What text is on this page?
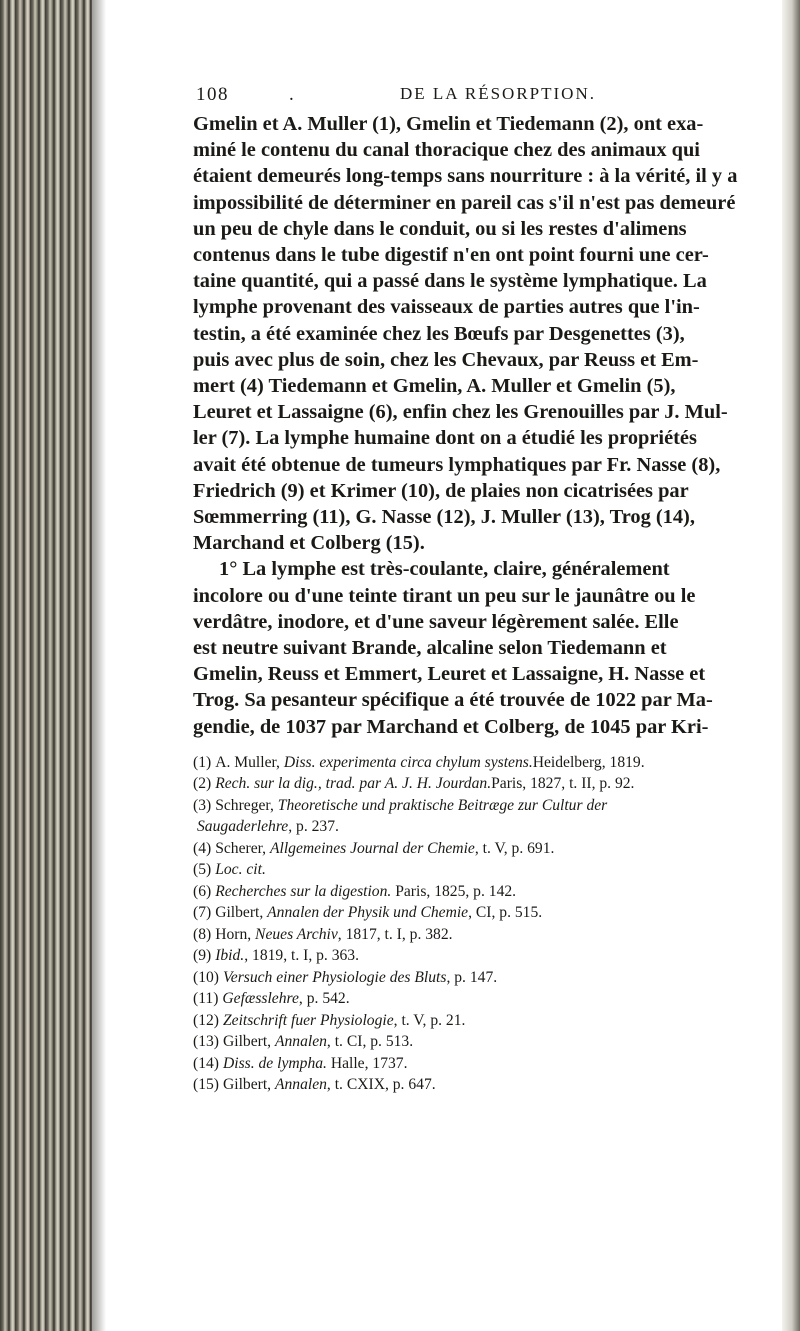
108	.	DE LA RÉSORPTION.
Gmelin et A. Muller (1), Gmelin et Tiedemann (2), ont exa-
miné le contenu du canal thoracique chez des animaux qui
étaient demeurés long-temps sans nourriture : à la vérité, il y a
impossibilité de déterminer en pareil cas s'il n'est pas demeuré
un peu de chyle dans le conduit, ou si les restes d'alimens
contenus dans le tube digestif n'en ont point fourni une cer-
taine quantité, qui a passé dans le système lymphatique. La
lymphe provenant des vaisseaux de parties autres que l'in-
testin, a été examinée chez les Bœufs par Desgenettes (3),
puis avec plus de soin, chez les Chevaux, par Reuss et Em-
mert (4) Tiedemann et Gmelin, A. Muller et Gmelin (5),
Leuret et Lassaigne (6), enfin chez les Grenouilles par J. Mul-
ler (7). La lymphe humaine dont on a étudié les propriétés
avait été obtenue de tumeurs lymphatiques par Fr. Nasse (8),
Friedrich (9) et Krimer (10), de plaies non cicatrisées par
Sœmmerring (11), G. Nasse (12), J. Muller (13), Trog (14),
Marchand et Colberg (15).
1° La lymphe est très-coulante, claire, généralement
incolore ou d'une teinte tirant un peu sur le jaunâtre ou le
verdâtre, inodore, et d'une saveur légèrement salée. Elle
est neutre suivant Brande, alcaline selon Tiedemann et
Gmelin, Reuss et Emmert, Leuret et Lassaigne, H. Nasse et
Trog. Sa pesanteur spécifique a été trouvée de 1022 par Ma-
gendie, de 1037 par Marchand et Colberg, de 1045 par Kri-
(1) A. Muller, Diss. experimenta circa chylum systens.Heidelberg, 1819.
(2) Rech. sur la dig., trad. par A. J. H. Jourdan.Paris, 1827, t. II, p. 92.
(3) Schreger, Theoretische und praktische Beitræge zur Cultur der
Saugaderlehre, p. 237.
(4) Scherer, Allgemeines Journal der Chemie, t. V, p. 691.
(5) Loc. cit.
(6) Recherches sur la digestion. Paris, 1825, p. 142.
(7) Gilbert, Annalen der Physik und Chemie, CI, p. 515.
(8) Horn, Neues Archiv, 1817, t. I, p. 382.
(9) Ibid., 1819, t. I, p. 363.
(10) Versuch einer Physiologie des Bluts, p. 147.
(11) Gefæsslehre, p. 542.
(12) Zeitschrift fuer Physiologie, t. V, p. 21.
(13) Gilbert, Annalen, t. CI, p. 513.
(14) Diss. de lympha. Halle, 1737.
(15) Gilbert, Annalen, t. CXIX, p. 647.
